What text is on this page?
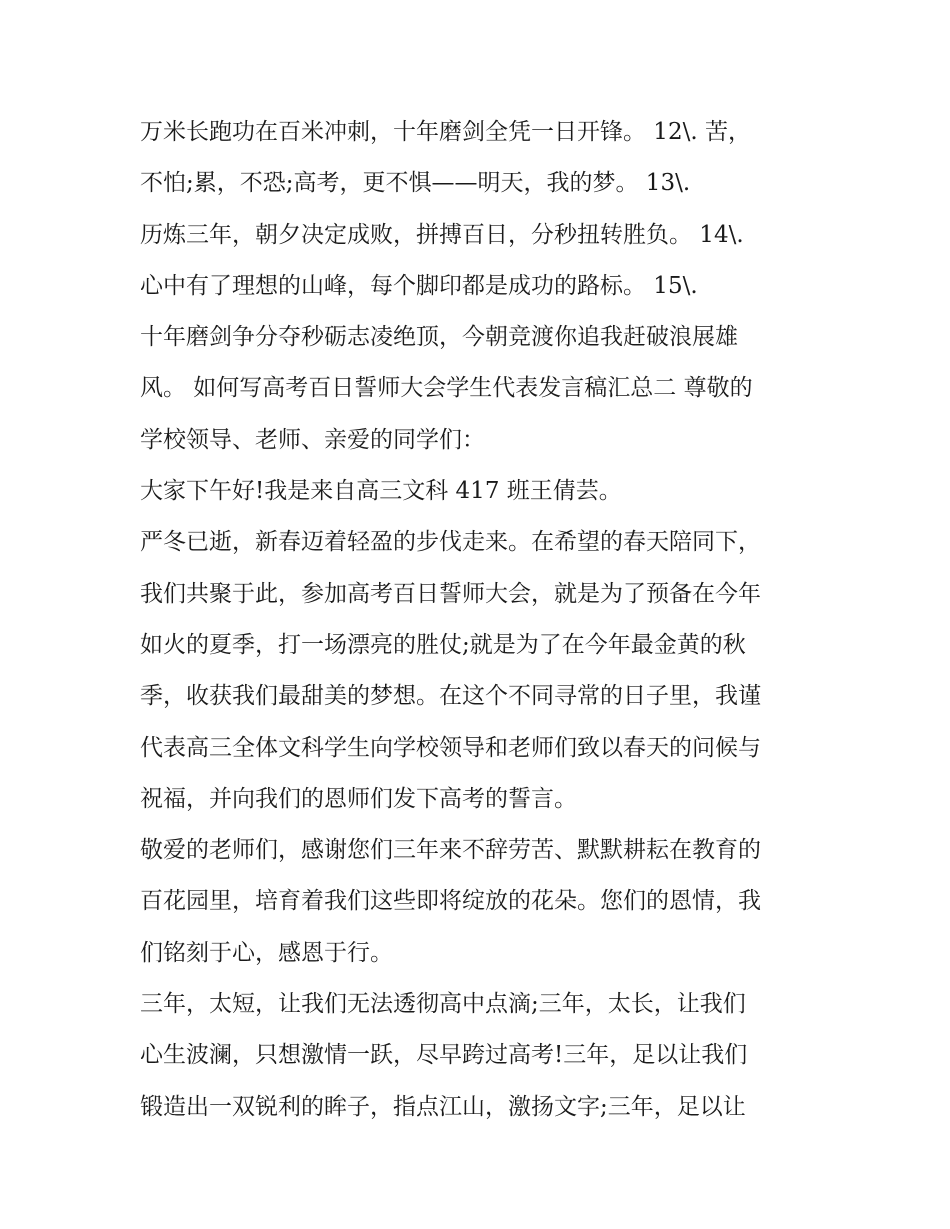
万米长跑功在百米冲刺，十年磨剑全凭一日开锋。 12\. 苦，
不怕;累，不恐;高考，更不惧——明天，我的梦。 13\.
历炼三年，朝夕决定成败，拼搏百日，分秒扭转胜负。 14\.
心中有了理想的山峰，每个脚印都是成功的路标。 15\.
十年磨剑争分夺秒砺志凌绝顶，今朝竞渡你追我赶破浪展雄
风。 如何写高考百日誓师大会学生代表发言稿汇总二 尊敬的
学校领导、老师、亲爱的同学们：
大家下午好!我是来自高三文科 417 班王倩芸。
严冬已逝，新春迈着轻盈的步伐走来。在希望的春天陪同下，
我们共聚于此，参加高考百日誓师大会，就是为了预备在今年
如火的夏季，打一场漂亮的胜仗;就是为了在今年最金黄的秋
季，收获我们最甜美的梦想。在这个不同寻常的日子里，我谨
代表高三全体文科学生向学校领导和老师们致以春天的问候与
祝福，并向我们的恩师们发下高考的誓言。
敬爱的老师们，感谢您们三年来不辞劳苦、默默耕耘在教育的
百花园里，培育着我们这些即将绽放的花朵。您们的恩情，我
们铭刻于心，感恩于行。
三年，太短，让我们无法透彻高中点滴;三年，太长，让我们
心生波澜，只想激情一跃，尽早跨过高考!三年，足以让我们
锻造出一双锐利的眸子，指点江山，激扬文字;三年，足以让
